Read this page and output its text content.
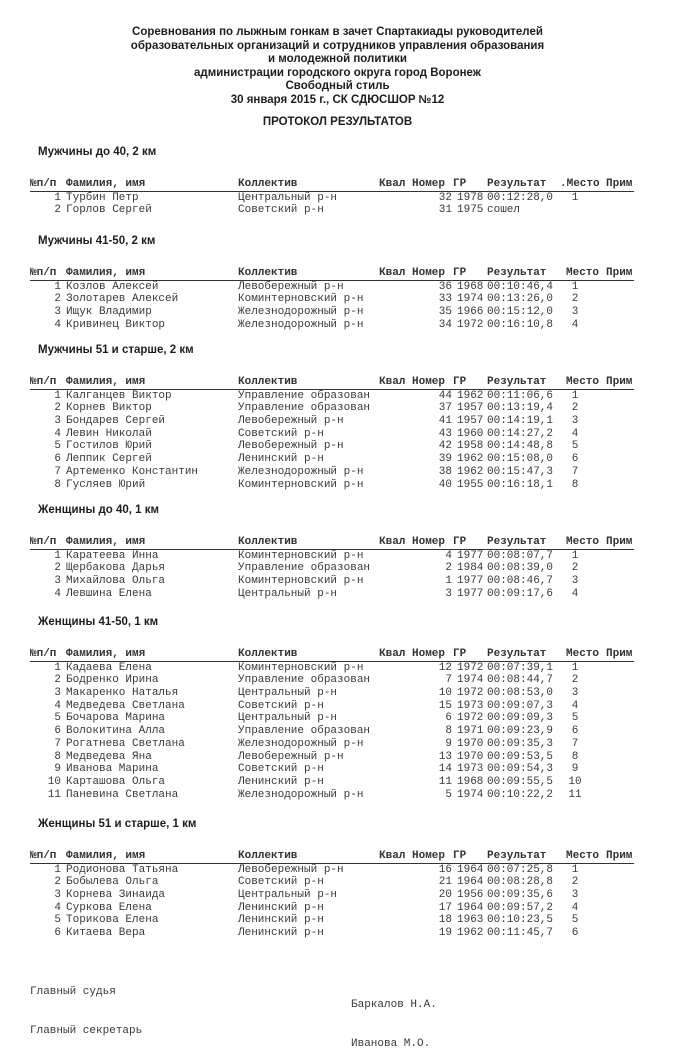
Соревнования по лыжным гонкам в зачет Спартакиады руководителей
образовательных организаций и сотрудников управления образования
и молодежной политики
администрации городского округа город Воронеж
Свободный стиль
30 января 2015 г., СК СДЮСШОР №12
ПРОТОКОЛ РЕЗУЛЬТАТОВ
Мужчины до 40, 2 км
№п/п Фамилия, имя	Коллектив	Квал Номер ГР Результат .Место Прим
1 Турбин Петр	Центральный р-н	32 1978 00:12:28,0	1
2 Горлов Сергей	Советский р-н	31 1975 сошел
Мужчины 41-50, 2 км
№п/п Фамилия, имя	Коллектив	Квал Номер ГР Результат Место Прим
1 Козлов Алексей	Левобережный р-н	36 1968 00:10:46,4	1
2 Золотарев Алексей	Коминтерновский р-н	33 1974 00:13:26,0	2
3 Ищук Владимир	Железнодорожный р-н	35 1966 00:15:12,0	3
4 Кривинец Виктор	Железнодорожный р-н	34 1972 00:16:10,8	4
Мужчины 51 и старше, 2 км
№п/п Фамилия, имя	Коллектив	Квал Номер ГР Результат Место Прим
1 Калганцев Виктор	Управление образован	44 1962 00:11:06,6	1
2 Корнев Виктор	Управление образован	37 1957 00:13:19,4	2
3 Бондарев Сергей	Левобережный р-н	41 1957 00:14:19,1	3
4 Левин Николай	Советский р-н	43 1960 00:14:27,2	4
5 Гостилов Юрий	Левобережный р-н	42 1958 00:14:48,8	5
6 Леппик Сергей	Ленинский р-н	39 1962 00:15:08,0	6
7 Артеменко Константин	Железнодорожный р-н	38 1962 00:15:47,3	7
8 Гусляев Юрий	Коминтерновский р-н	40 1955 00:16:18,1	8
Женщины до 40, 1 км
№п/п Фамилия, имя	Коллектив	Квал Номер ГР Результат Место Прим
1 Каратеева Инна	Коминтерновский р-н	4 1977 00:08:07,7	1
2 Щербакова Дарья	Управление образован	2 1984 00:08:39,0	2
3 Михайлова Ольга	Коминтерновский р-н	1 1977 00:08:46,7	3
4 Левшина Елена	Центральный р-н	3 1977 00:09:17,6	4
Женщины 41-50, 1 км
№п/п Фамилия, имя	Коллектив	Квал Номер ГР Результат Место Прим
1 Кадаева Елена	Коминтерновский р-н	12 1972 00:07:39,1	1
2 Бодренко Ирина	Управление образован	7 1974 00:08:44,7	2
3 Макаренко Наталья	Центральный р-н	10 1972 00:08:53,0	3
4 Медведева Светлана	Советский р-н	15 1973 00:09:07,3	4
5 Бочарова Марина	Центральный р-н	6 1972 00:09:09,3	5
6 Волокитина Алла	Управление образован	8 1971 00:09:23,9	6
7 Рогатнева Светлана	Железнодорожный р-н	9 1970 00:09:35,3	7
8 Медведева Яна	Левобережный р-н	13 1970 00:09:53,5	8
9 Иванова Марина	Советский р-н	14 1973 00:09:54,3	9
10 Карташова Ольга	Ленинский р-н	11 1968 00:09:55,5 10
11 Паневина Светлана	Железнодорожный р-н	5 1974 00:10:22,2 11
Женщины 51 и старше, 1 км
№п/п Фамилия, имя	Коллектив	Квал Номер ГР Результат Место Прим
1 Родионова Татьяна	Левобережный р-н	16 1964 00:07:25,8	1
2 Бобылева Ольга	Советский р-н	21 1964 00:08:28,8	2
3 Корнева Зинаида	Центральный р-н	20 1956 00:09:35,6	3
4 Суркова Елена	Ленинский р-н	17 1964 00:09:57,2	4
5 Торикова Елена	Ленинский р-н	18 1963 00:10:23,5	5
6 Китаева Вера	Ленинский р-н	19 1962 00:11:45,7	6

Главный судья

Баркалов Н.А.

Главный секретарь

Иванова М.О.
